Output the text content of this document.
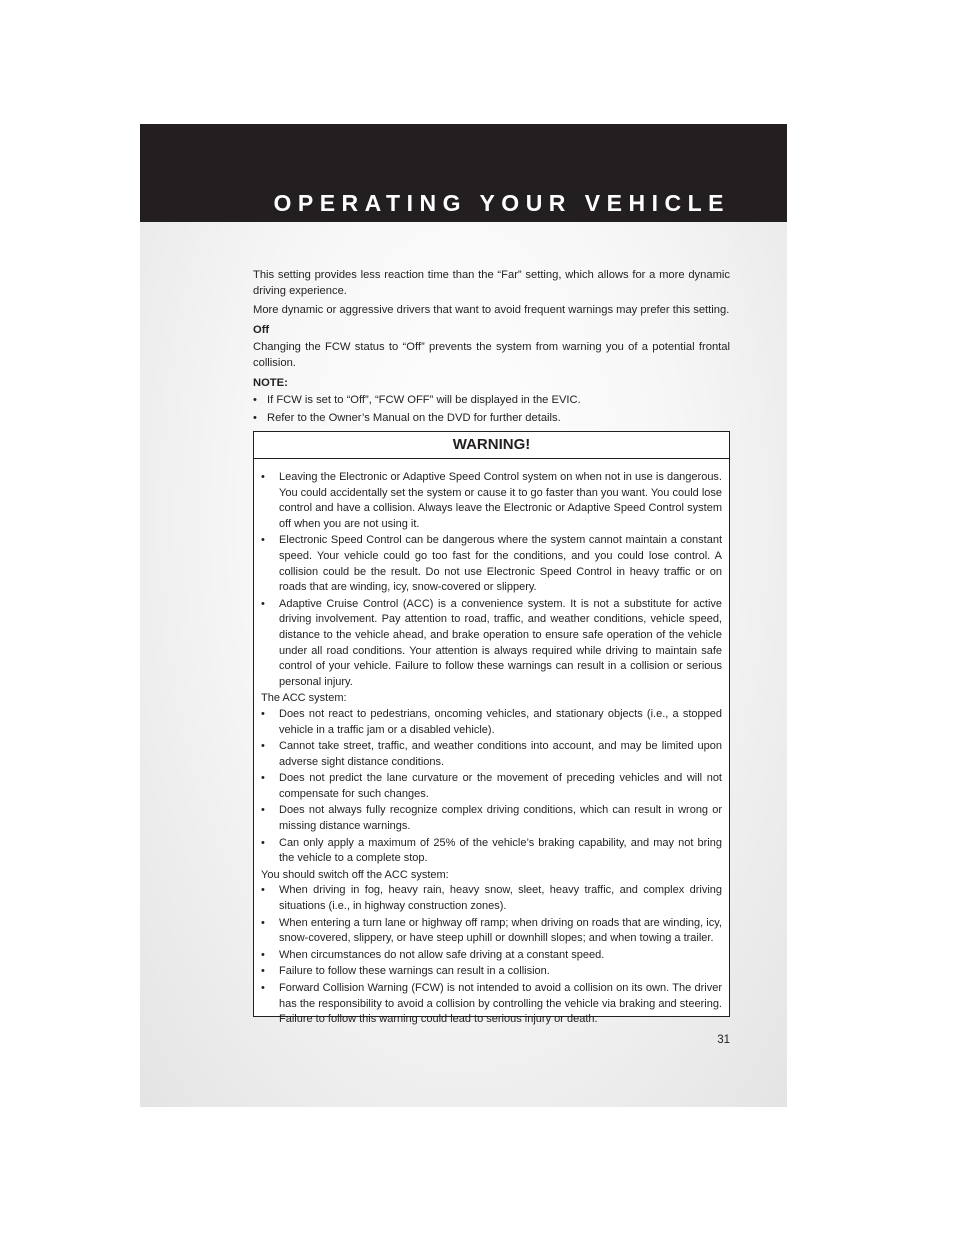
OPERATING YOUR VEHICLE

This setting provides less reaction time than the “Far” setting, which allows for a more dynamic driving experience.

More dynamic or aggressive drivers that want to avoid frequent warnings may prefer this setting.

Off

Changing the FCW status to “Off” prevents the system from warning you of a potential frontal collision.

NOTE:

• If FCW is set to “Off”, “FCW OFF” will be displayed in the EVIC.
• Refer to the Owner’s Manual on the DVD for further details.
WARNING!
• Leaving the Electronic or Adaptive Speed Control system on when not in use is dangerous. You could accidentally set the system or cause it to go faster than you want. You could lose control and have a collision. Always leave the Electronic or Adaptive Speed Control system off when you are not using it.
• Electronic Speed Control can be dangerous where the system cannot maintain a constant speed. Your vehicle could go too fast for the conditions, and you could lose control. A collision could be the result. Do not use Electronic Speed Control in heavy traffic or on roads that are winding, icy, snow-covered or slippery.
• Adaptive Cruise Control (ACC) is a convenience system. It is not a substitute for active driving involvement. Pay attention to road, traffic, and weather conditions, vehicle speed, distance to the vehicle ahead, and brake operation to ensure safe operation of the vehicle under all road conditions. Your attention is always required while driving to maintain safe control of your vehicle. Failure to follow these warnings can result in a collision or serious personal injury.

The ACC system:

• Does not react to pedestrians, oncoming vehicles, and stationary objects (i.e., a stopped vehicle in a traffic jam or a disabled vehicle).
• Cannot take street, traffic, and weather conditions into account, and may be limited upon adverse sight distance conditions.
• Does not predict the lane curvature or the movement of preceding vehicles and will not compensate for such changes.
• Does not always fully recognize complex driving conditions, which can result in wrong or missing distance warnings.
• Can only apply a maximum of 25% of the vehicle’s braking capability, and may not bring the vehicle to a complete stop.

You should switch off the ACC system:

• When driving in fog, heavy rain, heavy snow, sleet, heavy traffic, and complex driving situations (i.e., in highway construction zones).
• When entering a turn lane or highway off ramp; when driving on roads that are winding, icy, snow-covered, slippery, or have steep uphill or downhill slopes; and when towing a trailer.
• When circumstances do not allow safe driving at a constant speed.
• Failure to follow these warnings can result in a collision.
• Forward Collision Warning (FCW) is not intended to avoid a collision on its own. The driver has the responsibility to avoid a collision by controlling the vehicle via braking and steering. Failure to follow this warning could lead to serious injury or death.
31
